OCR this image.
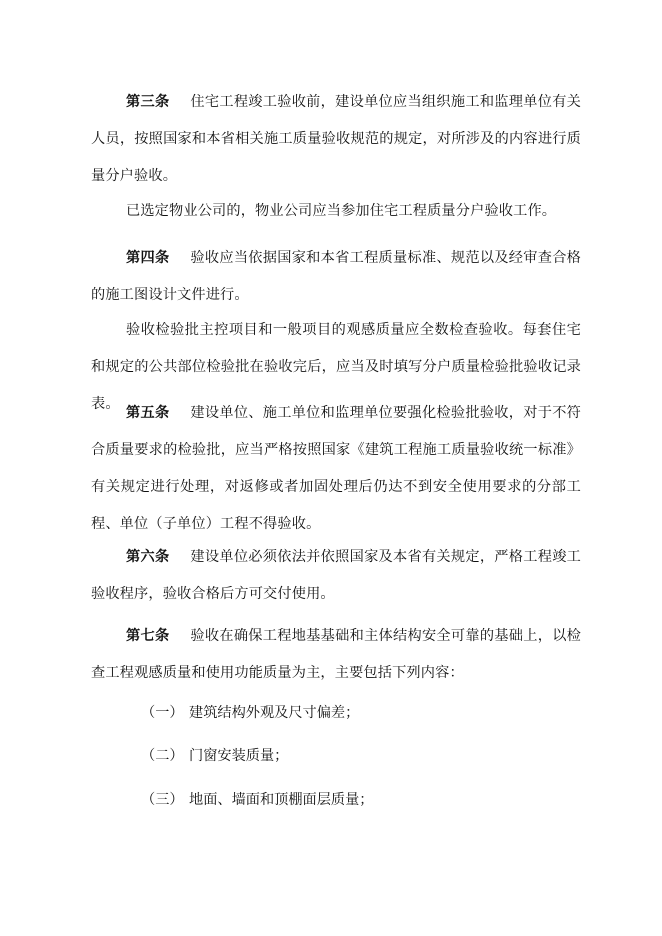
第三条 住宅工程竣工验收前，建设单位应当组织施工和监理单位有关人员，按照国家和本省相关施工质量验收规范的规定，对所涉及的内容进行质量分户验收。

已选定物业公司的，物业公司应当参加住宅工程质量分户验收工作。

第四条 验收应当依据国家和本省工程质量标准、规范以及经审查合格的施工图设计文件进行。

验收检验批主控项目和一般项目的观感质量应全数检查验收。每套住宅和规定的公共部位检验批在验收完后，应当及时填写分户质量检验批验收记录表。

第五条 建设单位、施工单位和监理单位要强化检验批验收，对于不符合质量要求的检验批，应当严格按照国家《建筑工程施工质量验收统一标准》有关规定进行处理，对返修或者加固处理后仍达不到安全使用要求的分部工程、单位（子单位）工程不得验收。

第六条 建设单位必须依法并依照国家及本省有关规定，严格工程竣工验收程序，验收合格后方可交付使用。

第七条 验收在确保工程地基基础和主体结构安全可靠的基础上，以检查工程观感质量和使用功能质量为主，主要包括下列内容：

（一） 建筑结构外观及尺寸偏差；
（二） 门窗安装质量；
（三） 地面、墙面和顶棚面层质量；
